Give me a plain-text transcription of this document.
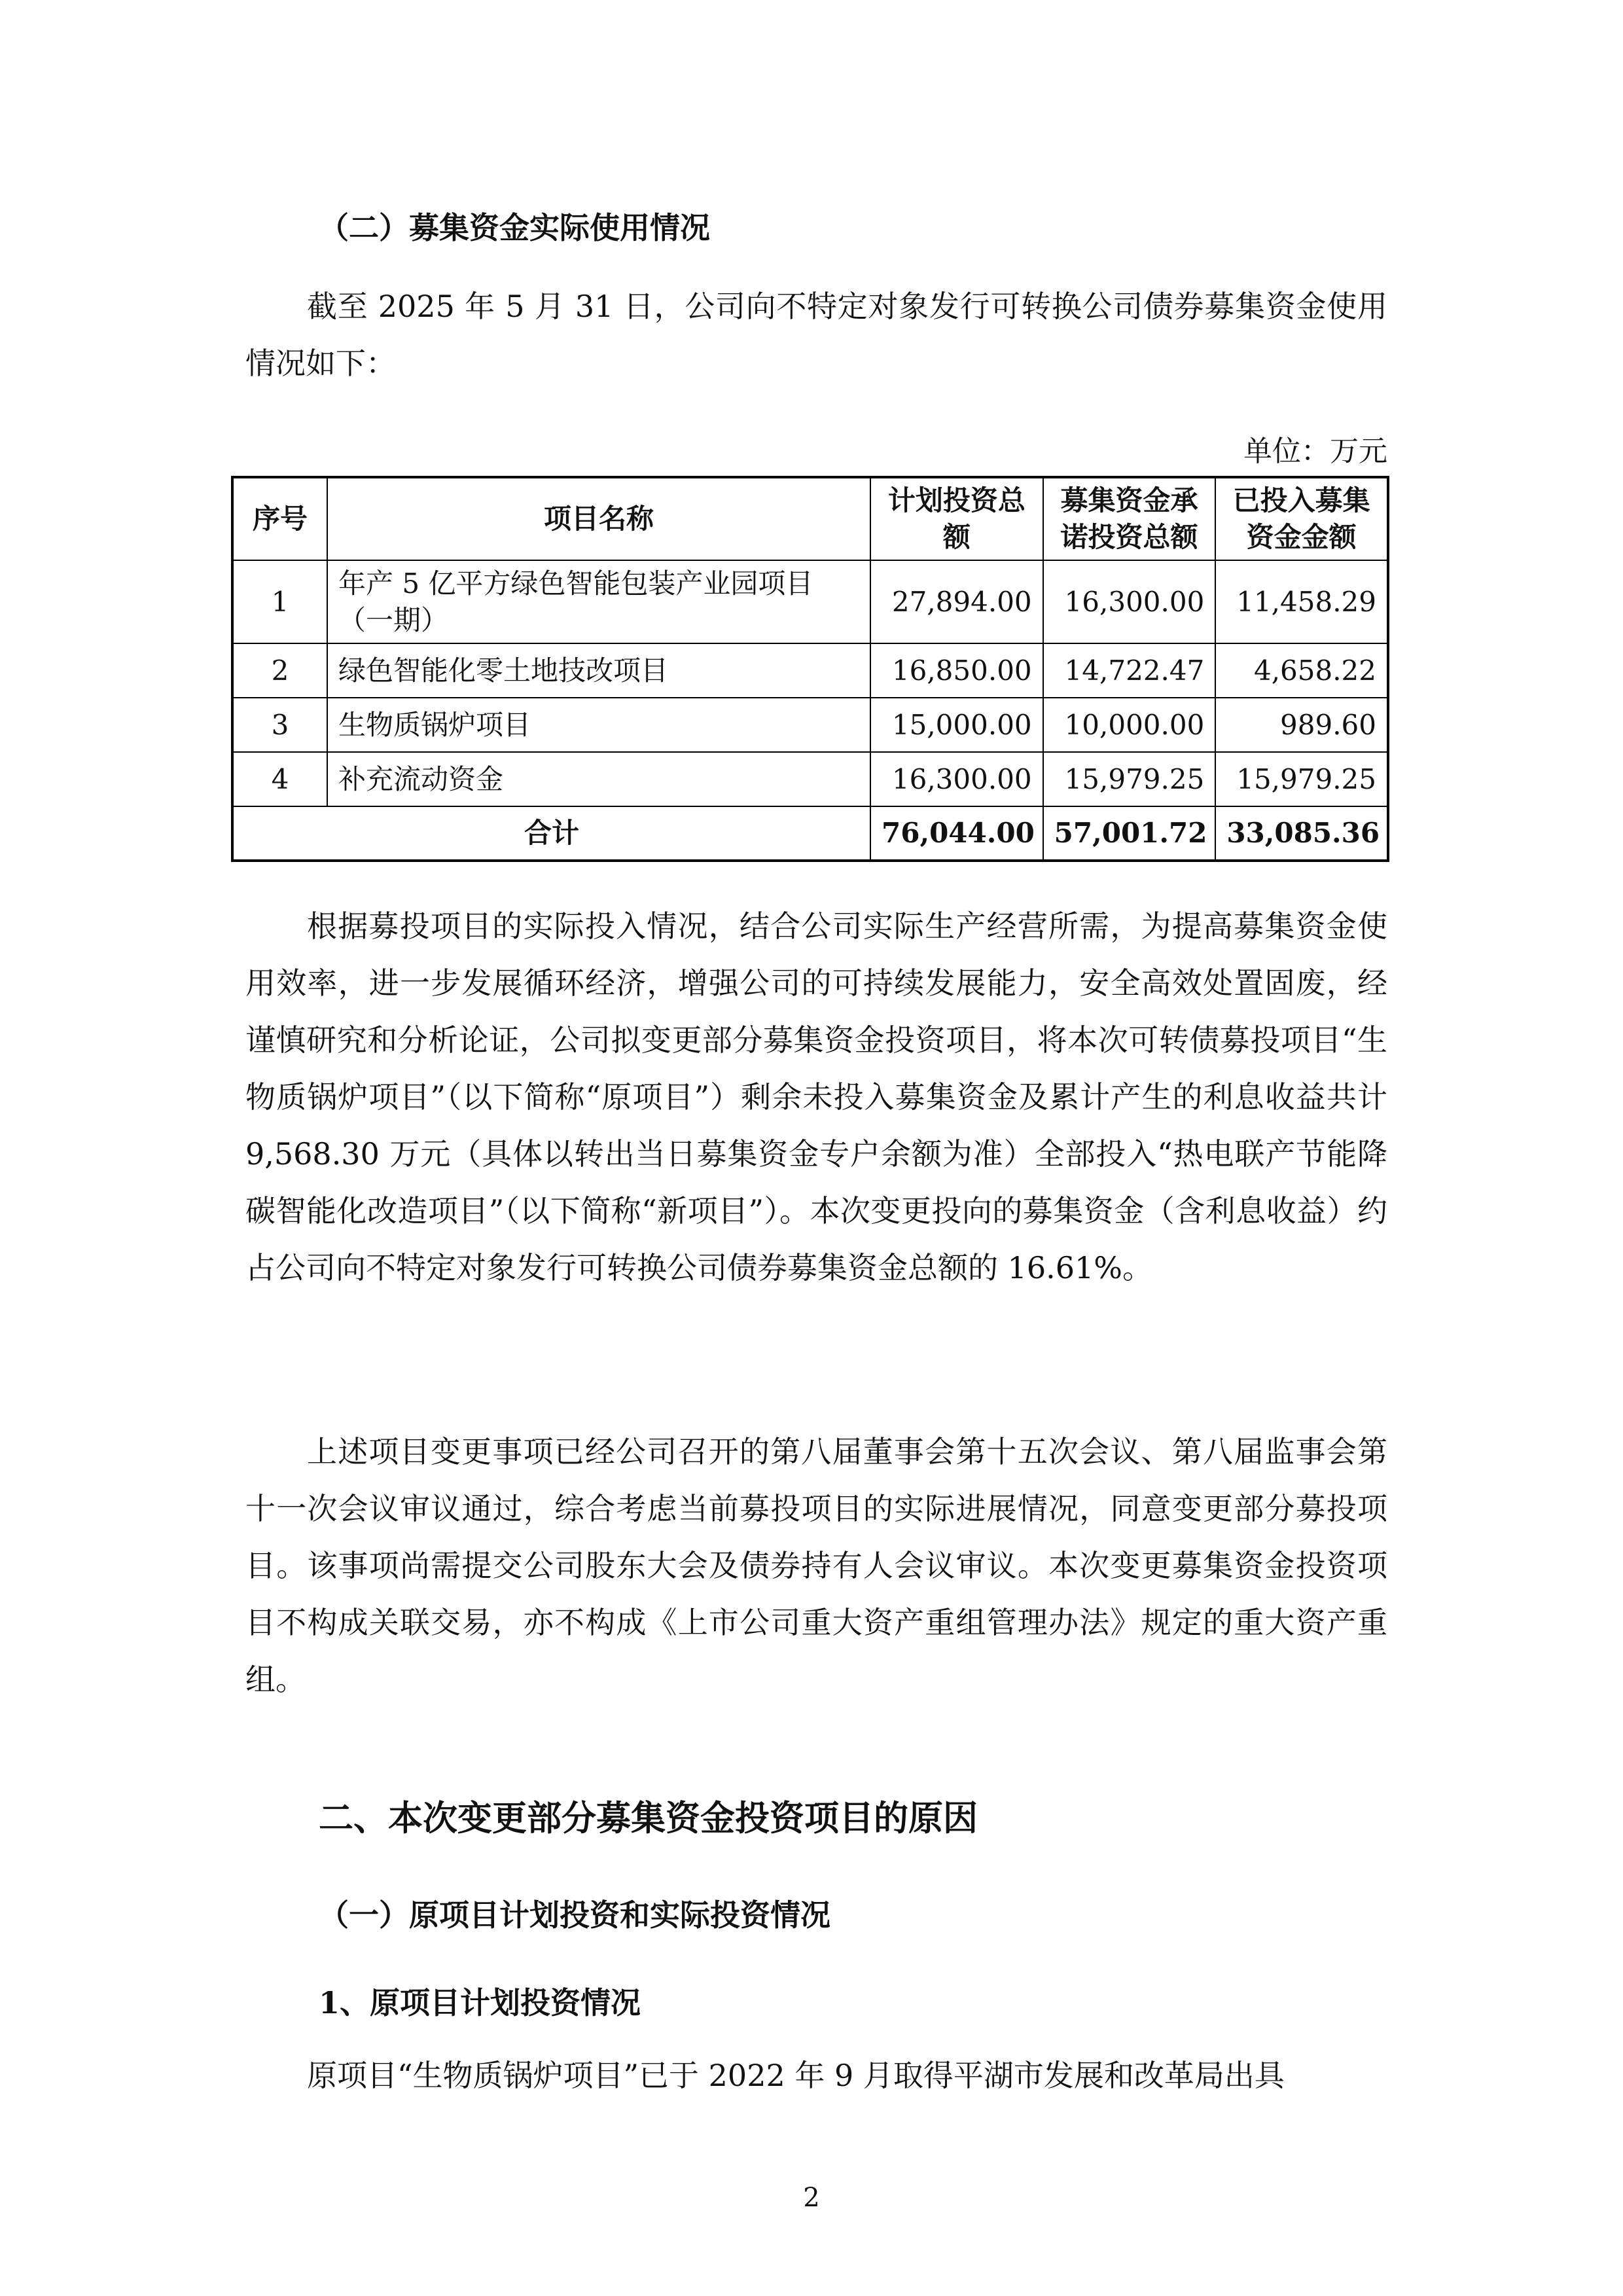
（二）募集资金实际使用情况

截至 2025 年 5 月 31 日，公司向不特定对象发行可转换公司债券募集资金使用情况如下：

单位：万元
序号	项目名称	计划投资总额	募集资金承诺投资总额	已投入募集资金金额
1	年产 5 亿平方绿色智能包装产业园项目（一期）	27,894.00	16,300.00	11,458.29
2	绿色智能化零土地技改项目	16,850.00	14,722.47	4,658.22
3	生物质锅炉项目	15,000.00	10,000.00	989.60
4	补充流动资金	16,300.00	15,979.25	15,979.25
合计		76,044.00	57,001.72	33,085.36

根据募投项目的实际投入情况，结合公司实际生产经营所需，为提高募集资金使用效率，进一步发展循环经济，增强公司的可持续发展能力，安全高效处置固废，经谨慎研究和分析论证，公司拟变更部分募集资金投资项目，将本次可转债募投项目“生物质锅炉项目”（以下简称“原项目”）剩余未投入募集资金及累计产生的利息收益共计 9,568.30 万元（具体以转出当日募集资金专户余额为准）全部投入“热电联产节能降碳智能化改造项目”（以下简称“新项目”）。本次变更投向的募集资金（含利息收益）约占公司向不特定对象发行可转换公司债券募集资金总额的 16.61%。

上述项目变更事项已经公司召开的第八届董事会第十五次会议、第八届监事会第十一次会议审议通过，综合考虑当前募投项目的实际进展情况，同意变更部分募投项目。该事项尚需提交公司股东大会及债券持有人会议审议。本次变更募集资金投资项目不构成关联交易，亦不构成《上市公司重大资产重组管理办法》规定的重大资产重组。

二、本次变更部分募集资金投资项目的原因
（一）原项目计划投资和实际投资情况
1、原项目计划投资情况

原项目“生物质锅炉项目”已于 2022 年 9 月取得平湖市发展和改革局出具

2
